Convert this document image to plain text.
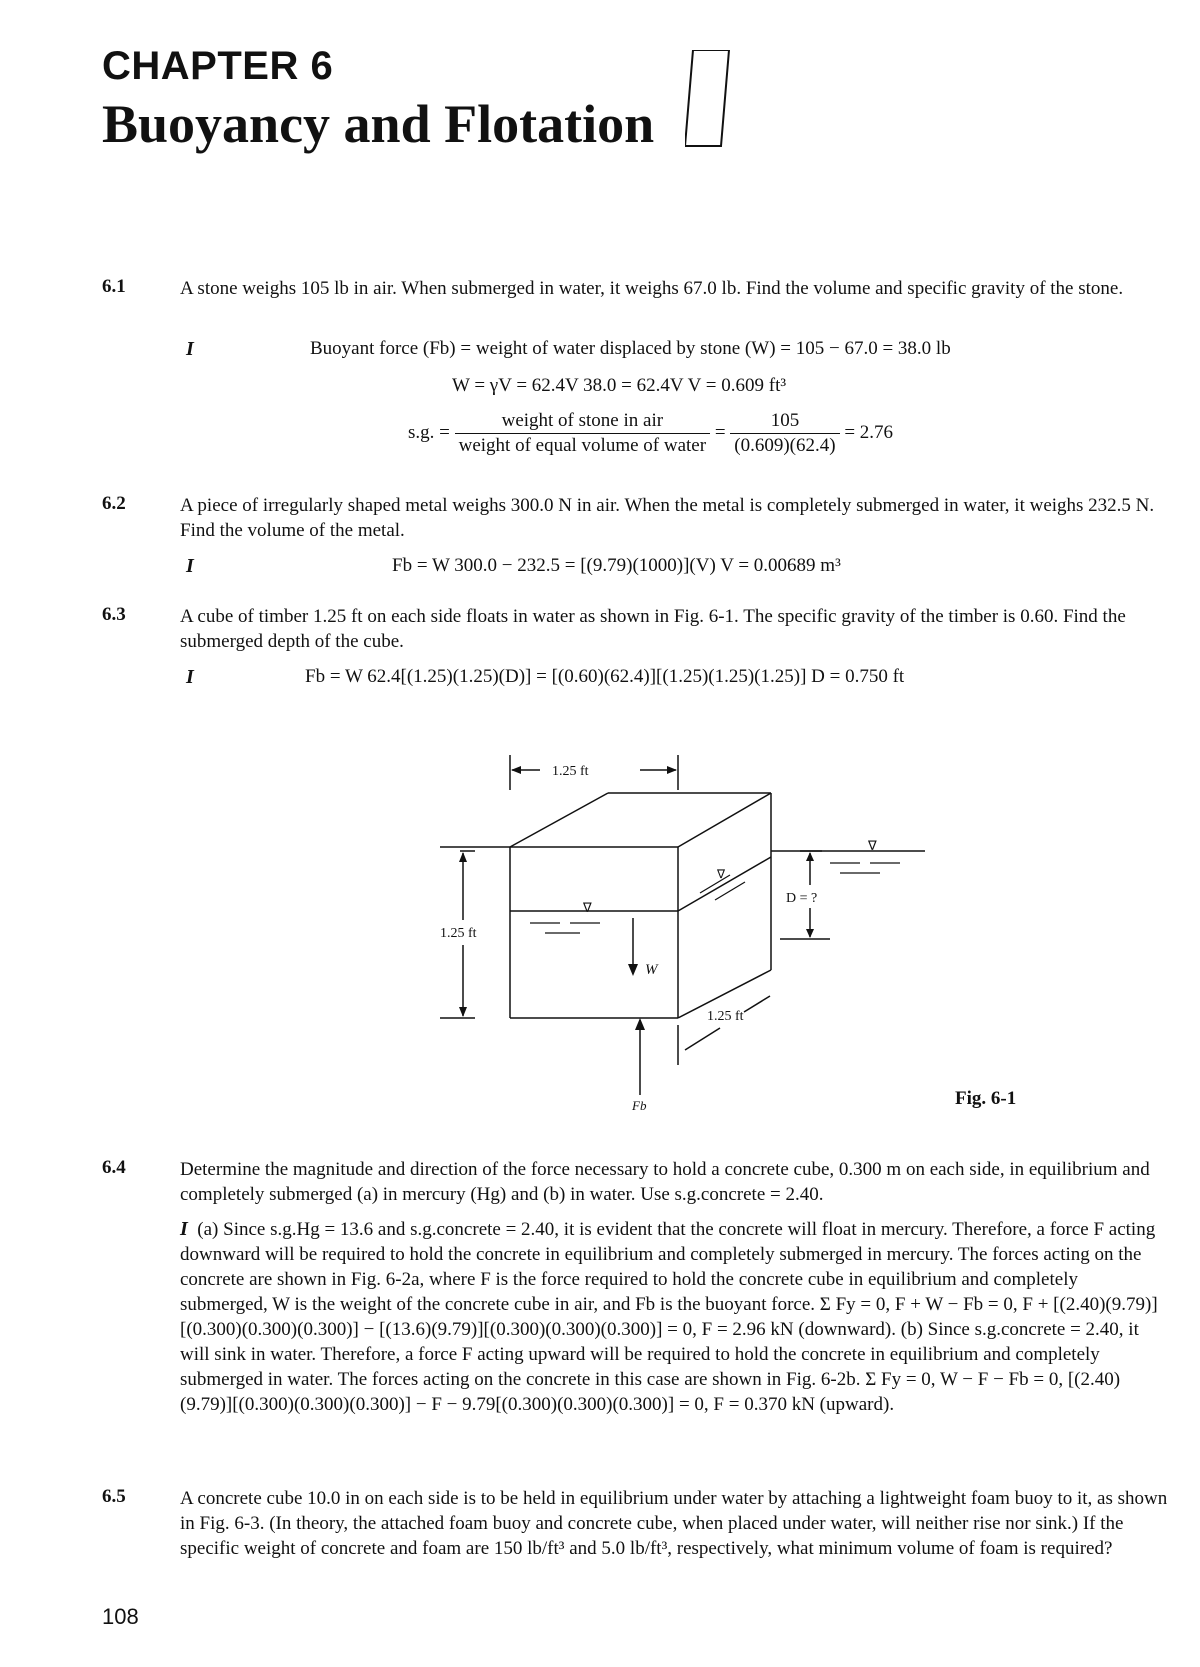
CHAPTER 6
Buoyancy and Flotation
6.1	A stone weighs 105 lb in air. When submerged in water, it weighs 67.0 lb. Find the volume and specific gravity of the stone.
I	Buoyant force (Fb) = weight of water displaced by stone (W) = 105 − 67.0 = 38.0 lb
W = γV = 62.4V 38.0 = 62.4V V = 0.609 ft³
s.g. = $\frac{\text{weight of stone in air}}{\text{weight of equal volume of water}} = \frac{105}{(0.609)(62.4)} = 2.76$
6.2	A piece of irregularly shaped metal weighs 300.0 N in air. When the metal is completely submerged in water, it weighs 232.5 N. Find the volume of the metal.
I	Fb = W 300.0 − 232.5 = [(9.79)(1000)](V) V = 0.00689 m³
6.3	A cube of timber 1.25 ft on each side floats in water as shown in Fig. 6-1. The specific gravity of the timber is 0.60. Find the submerged depth of the cube.
I	Fb = W 62.4[(1.25)(1.25)(D)] = [(0.60)(62.4)][(1.25)(1.25)(1.25)] D = 0.750 ft
1.25 ft
1.25 ft
1.25 ft
D = ?
W
Fb
∇
∇
∇
Fig. 6-1
6.4	Determine the magnitude and direction of the force necessary to hold a concrete cube, 0.300 m on each side, in equilibrium and completely submerged (a) in mercury (Hg) and (b) in water. Use s.g.concrete = 2.40.
I (a) Since s.g.Hg = 13.6 and s.g.concrete = 2.40, it is evident that the concrete will float in mercury. Therefore, a force F acting downward will be required to hold the concrete in equilibrium and completely submerged in mercury. The forces acting on the concrete are shown in Fig. 6-2a, where F is the force required to hold the concrete cube in equilibrium and completely submerged, W is the weight of the concrete cube in air, and Fb is the buoyant force. Σ Fy = 0, F + W − Fb = 0, F + [(2.40)(9.79)][(0.300)(0.300)(0.300)] − [(13.6)(9.79)][(0.300)(0.300)(0.300)] = 0, F = 2.96 kN (downward). (b) Since s.g.concrete = 2.40, it will sink in water. Therefore, a force F acting upward will be required to hold the concrete in equilibrium and completely submerged in water. The forces acting on the concrete in this case are shown in Fig. 6-2b. Σ Fy = 0, W − F − Fb = 0, [(2.40)(9.79)][(0.300)(0.300)(0.300)] − F − 9.79[(0.300)(0.300)(0.300)] = 0, F = 0.370 kN (upward).
6.5	A concrete cube 10.0 in on each side is to be held in equilibrium under water by attaching a lightweight foam buoy to it, as shown in Fig. 6-3. (In theory, the attached foam buoy and concrete cube, when placed under water, will neither rise nor sink.) If the specific weight of concrete and foam are 150 lb/ft³ and 5.0 lb/ft³, respectively, what minimum volume of foam is required?
108
